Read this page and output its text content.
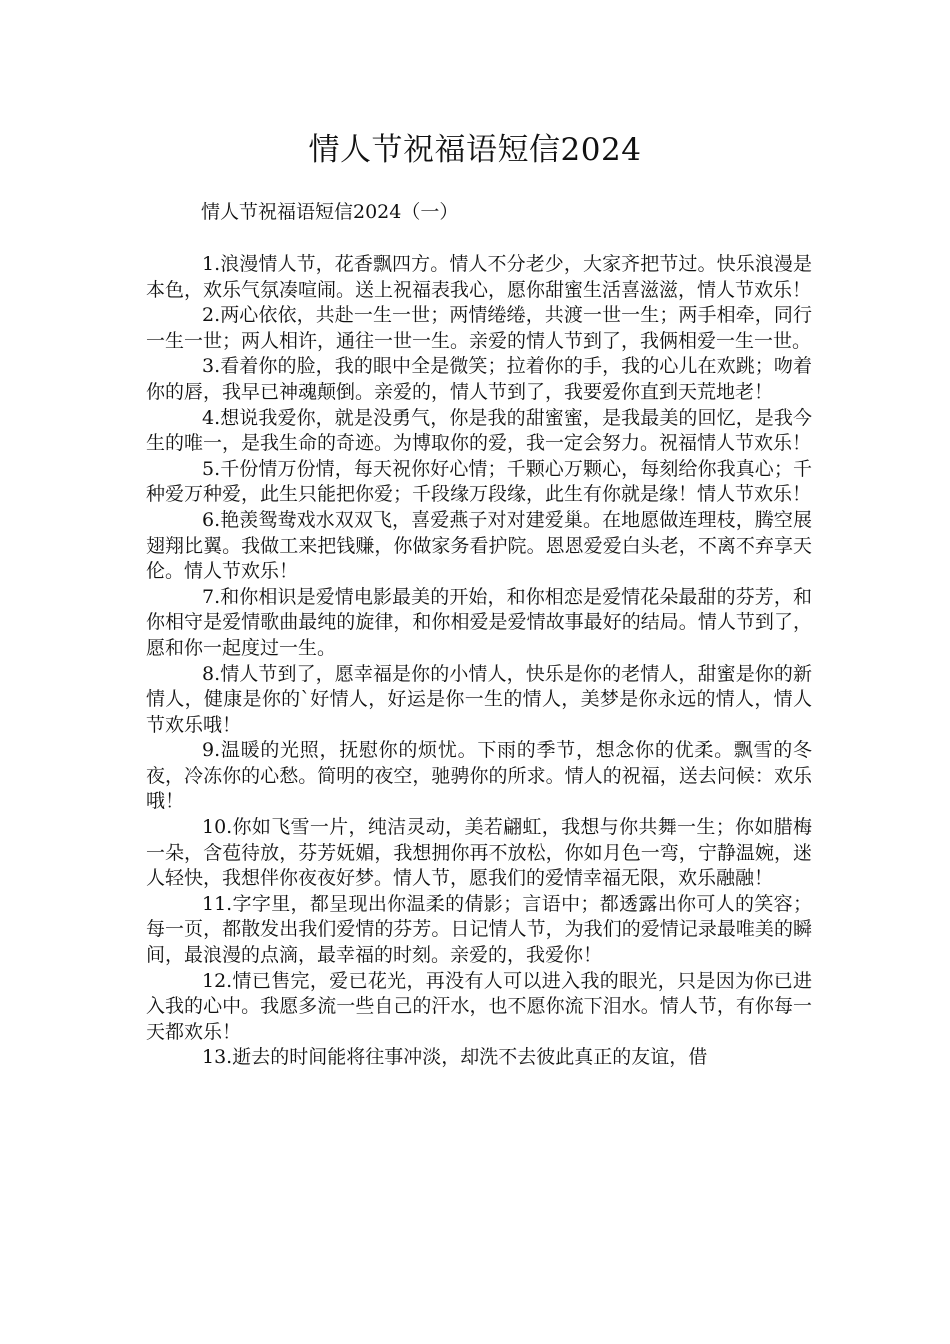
情人节祝福语短信2024
情人节祝福语短信2024（一）

1.浪漫情人节，花香飘四方。情人不分老少，大家齐把节过。快乐浪漫是本色，欢乐气氛凑喧闹。送上祝福表我心，愿你甜蜜生活喜滋滋，情人节欢乐！

2.两心依依，共赴一生一世；两情绻绻，共渡一世一生；两手相牵，同行一生一世；两人相许，通往一世一生。亲爱的情人节到了，我俩相爱一生一世。

3.看着你的脸，我的眼中全是微笑；拉着你的手，我的心儿在欢跳；吻着你的唇，我早已神魂颠倒。亲爱的，情人节到了，我要爱你直到天荒地老！

4.想说我爱你，就是没勇气，你是我的甜蜜蜜，是我最美的回忆，是我今生的唯一，是我生命的奇迹。为博取你的爱，我一定会努力。祝福情人节欢乐！

5.千份情万份情，每天祝你好心情；千颗心万颗心，每刻给你我真心；千种爱万种爱，此生只能把你爱；千段缘万段缘，此生有你就是缘！情人节欢乐！

6.艳羡鸳鸯戏水双双飞，喜爱燕子对对建爱巢。在地愿做连理枝，腾空展翅翔比翼。我做工来把钱赚，你做家务看护院。恩恩爱爱白头老，不离不弃享天伦。情人节欢乐！

7.和你相识是爱情电影最美的开始，和你相恋是爱情花朵最甜的芬芳，和你相守是爱情歌曲最纯的旋律，和你相爱是爱情故事最好的结局。情人节到了，愿和你一起度过一生。

8.情人节到了，愿幸福是你的小情人，快乐是你的老情人，甜蜜是你的新情人，健康是你的`好情人，好运是你一生的情人，美梦是你永远的情人，情人节欢乐哦！

9.温暖的光照，抚慰你的烦忧。下雨的季节，想念你的优柔。飘雪的冬夜，冷冻你的心愁。简明的夜空，驰骋你的所求。情人的祝福，送去问候：欢乐哦！

10.你如飞雪一片，纯洁灵动，美若翩虹，我想与你共舞一生；你如腊梅一朵，含苞待放，芬芳妩媚，我想拥你再不放松，你如月色一弯，宁静温婉，迷人轻快，我想伴你夜夜好梦。情人节，愿我们的爱情幸福无限，欢乐融融！

11.字字里，都呈现出你温柔的倩影；言语中；都透露出你可人的笑容；每一页，都散发出我们爱情的芬芳。日记情人节，为我们的爱情记录最唯美的瞬间，最浪漫的点滴，最幸福的时刻。亲爱的，我爱你！

12.情已售完，爱已花光，再没有人可以进入我的眼光，只是因为你已进入我的心中。我愿多流一些自己的汗水，也不愿你流下泪水。情人节，有你每一天都欢乐！

13.逝去的时间能将往事冲淡，却洗不去彼此真正的友谊，借
